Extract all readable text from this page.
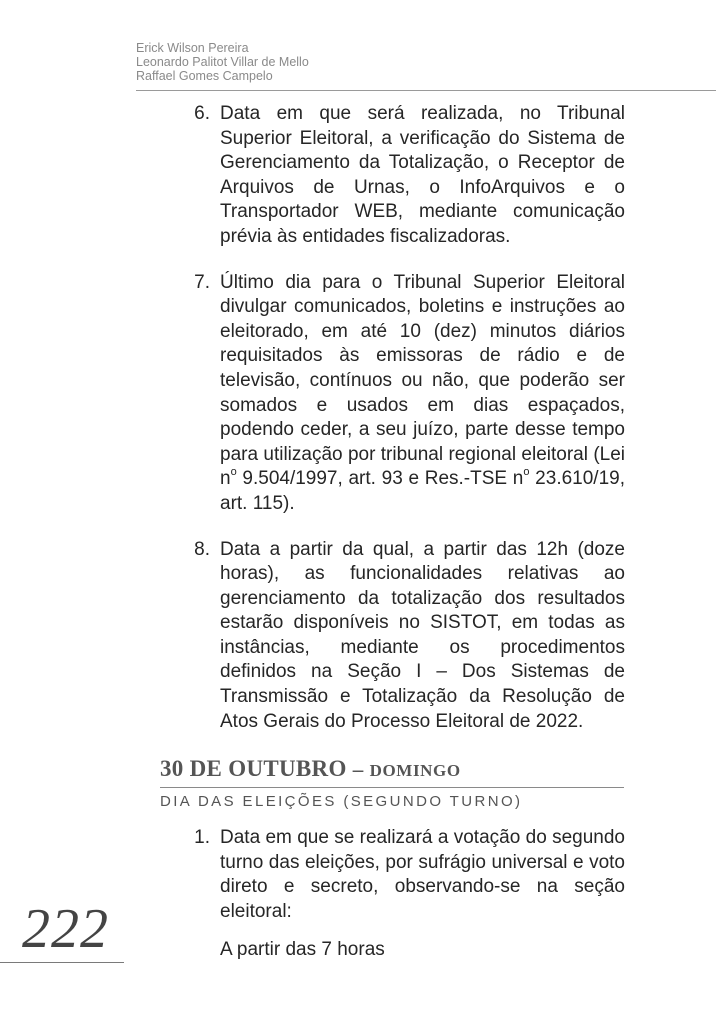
Erick Wilson Pereira
Leonardo Palitot Villar de Mello
Raffael Gomes Campelo
6. Data em que será realizada, no Tribunal Superior Eleitoral, a verificação do Sistema de Gerenciamento da Totalização, o Receptor de Arquivos de Urnas, o InfoArquivos e o Transportador WEB, mediante comunicação prévia às entidades fiscalizadoras.
7. Último dia para o Tribunal Superior Eleitoral divulgar comunicados, boletins e instruções ao eleitorado, em até 10 (dez) minutos diários requisitados às emissoras de rádio e de televisão, contínuos ou não, que poderão ser somados e usados em dias espaçados, podendo ceder, a seu juízo, parte desse tempo para utilização por tribunal regional eleitoral (Lei $n^o$ 9.504/1997, art. 93 e Res.-TSE $n^o$ 23.610/19, art. 115).
8. Data a partir da qual, a partir das 12h (doze horas), as funcionalidades relativas ao gerenciamento da totalização dos resultados estarão disponíveis no SISTOT, em todas as instâncias, mediante os procedimentos definidos na Seção I – Dos Sistemas de Transmissão e Totalização da Resolução de Atos Gerais do Processo Eleitoral de 2022.
30 DE OUTUBRO – DOMINGO
DIA DAS ELEIÇÕES (SEGUNDO TURNO)
1. Data em que se realizará a votação do segundo turno das eleições, por sufrágio universal e voto direto e secreto, observando-se na seção eleitoral:
A partir das 7 horas
222
